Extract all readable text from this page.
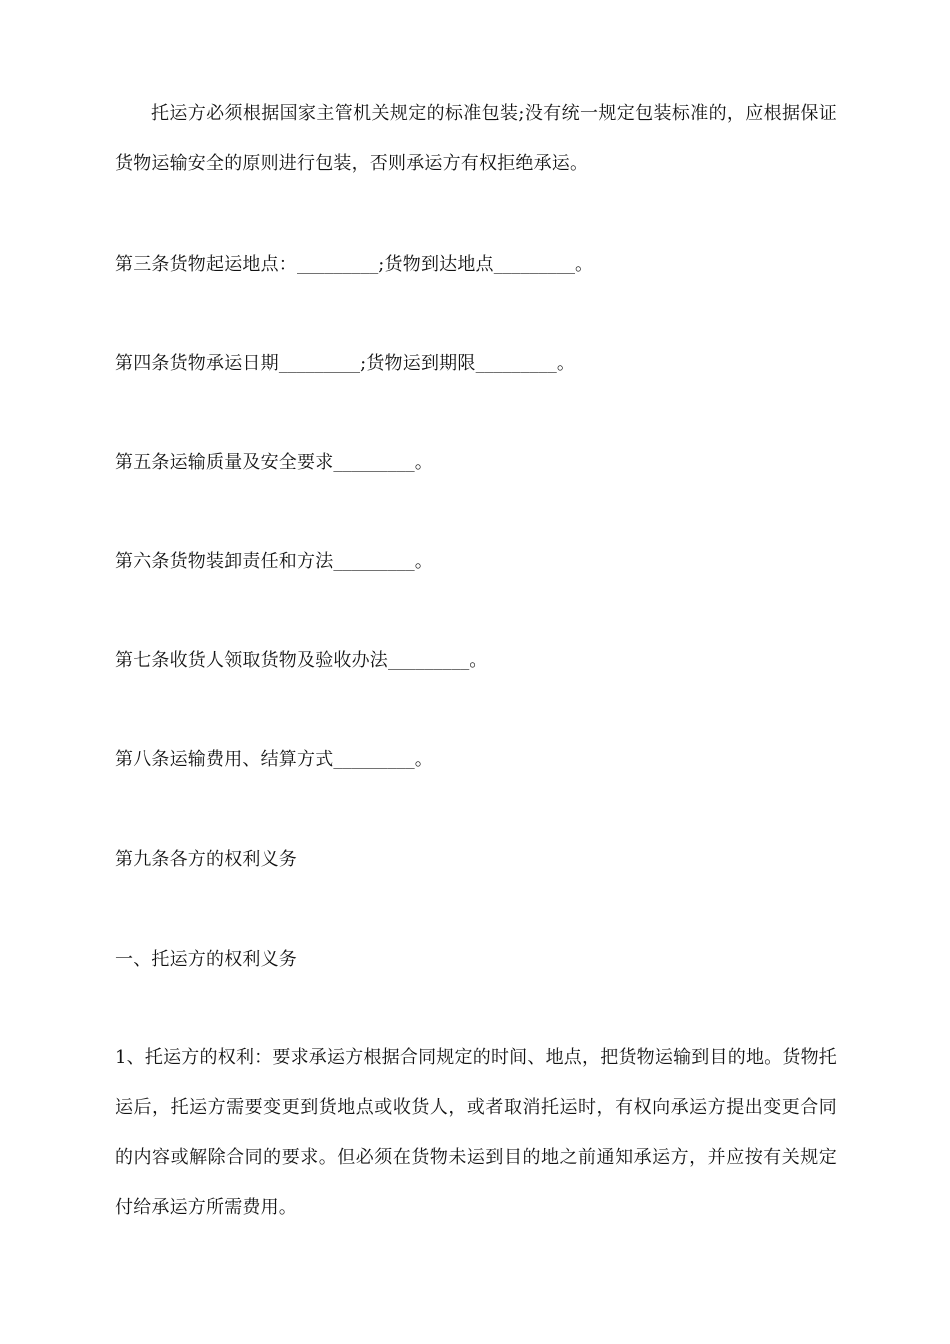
托运方必须根据国家主管机关规定的标准包装;没有统一规定包装标准的，应根据保证货物运输安全的原则进行包装，否则承运方有权拒绝承运。

第三条货物起运地点：_________;货物到达地点_________。

第四条货物承运日期_________;货物运到期限_________。

第五条运输质量及安全要求_________。

第六条货物装卸责任和方法_________。

第七条收货人领取货物及验收办法_________。

第八条运输费用、结算方式_________。

第九条各方的权利义务

一、托运方的权利义务

1、托运方的权利：要求承运方根据合同规定的时间、地点，把货物运输到目的地。货物托运后，托运方需要变更到货地点或收货人，或者取消托运时，有权向承运方提出变更合同的内容或解除合同的要求。但必须在货物未运到目的地之前通知承运方，并应按有关规定付给承运方所需费用。
